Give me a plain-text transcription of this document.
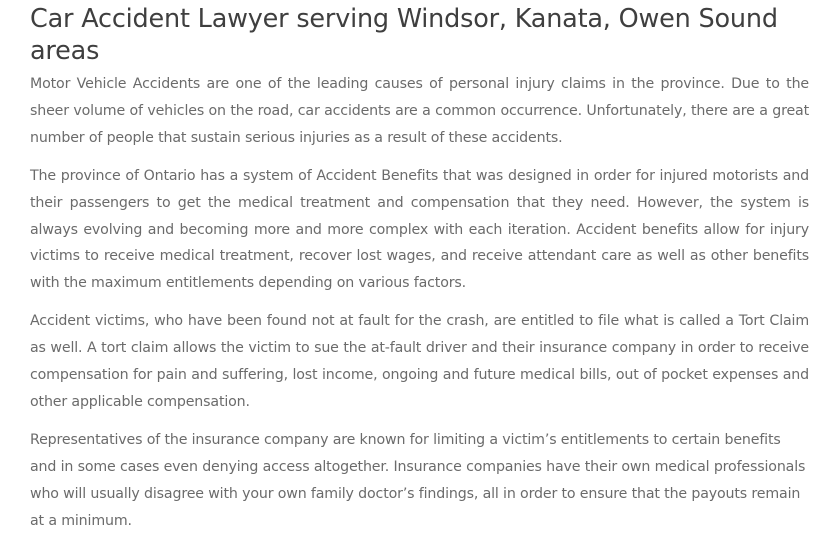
Car Accident Lawyer serving Windsor, Kanata, Owen Sound areas

Motor Vehicle Accidents are one of the leading causes of personal injury claims in the province. Due to the sheer volume of vehicles on the road, car accidents are a common occurrence. Unfortunately, there are a great number of people that sustain serious injuries as a result of these accidents.

The province of Ontario has a system of Accident Benefits that was designed in order for injured motorists and their passengers to get the medical treatment and compensation that they need. However, the system is always evolving and becoming more and more complex with each iteration. Accident benefits allow for injury victims to receive medical treatment, recover lost wages, and receive attendant care as well as other benefits with the maximum entitlements depending on various factors.

Accident victims, who have been found not at fault for the crash, are entitled to file what is called a Tort Claim as well. A tort claim allows the victim to sue the at-fault driver and their insurance company in order to receive compensation for pain and suffering, lost income, ongoing and future medical bills, out of pocket expenses and other applicable compensation.

Representatives of the insurance company are known for limiting a victim’s entitlements to certain benefits and in some cases even denying access altogether. Insurance companies have their own medical professionals who will usually disagree with your own family doctor’s findings, all in order to ensure that the payouts remain at a minimum.
